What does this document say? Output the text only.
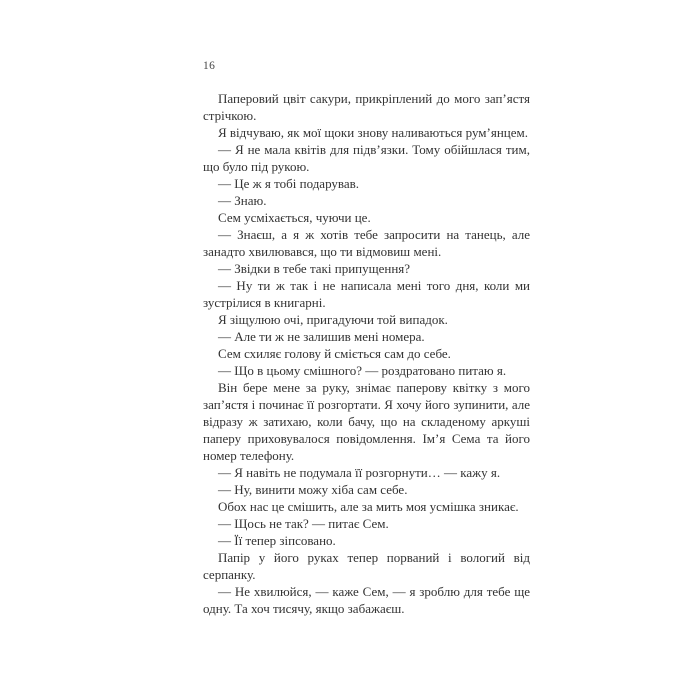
16

Паперовий цвіт сакури, прикріплений до мого зап’ястя стрічкою.

Я відчуваю, як мої щоки знову наливаються рум’янцем.

— Я не мала квітів для підв’язки. Тому обійшлася тим, що було під рукою.

— Це ж я тобі подарував.

— Знаю.

Сем усміхається, чуючи це.

— Знаєш, а я ж хотів тебе запросити на танець, але занадто хвилювався, що ти відмовиш мені.

— Звідки в тебе такі припущення?

— Ну ти ж так і не написала мені того дня, коли ми зустрілися в книгарні.

Я зіщулюю очі, пригадуючи той випадок.

— Але ти ж не залишив мені номера.

Сем схиляє голову й сміється сам до себе.

— Що в цьому смішного? — роздратовано питаю я.

Він бере мене за руку, знімає паперову квітку з мого зап’ястя і починає її розгортати. Я хочу його зупинити, але відразу ж затихаю, коли бачу, що на складеному аркуші паперу приховувалося повідомлення. Ім’я Сема та його номер телефону.

— Я навіть не подумала її розгорнути… — кажу я.

— Ну, винити можу хіба сам себе.

Обох нас це смішить, але за мить моя усмішка зникає.

— Щось не так? — питає Сем.

— Її тепер зіпсовано.

Папір у його руках тепер порваний і вологий від серпанку.

— Не хвилюйся, — каже Сем, — я зроблю для тебе ще одну. Та хоч тисячу, якщо забажаєш.
